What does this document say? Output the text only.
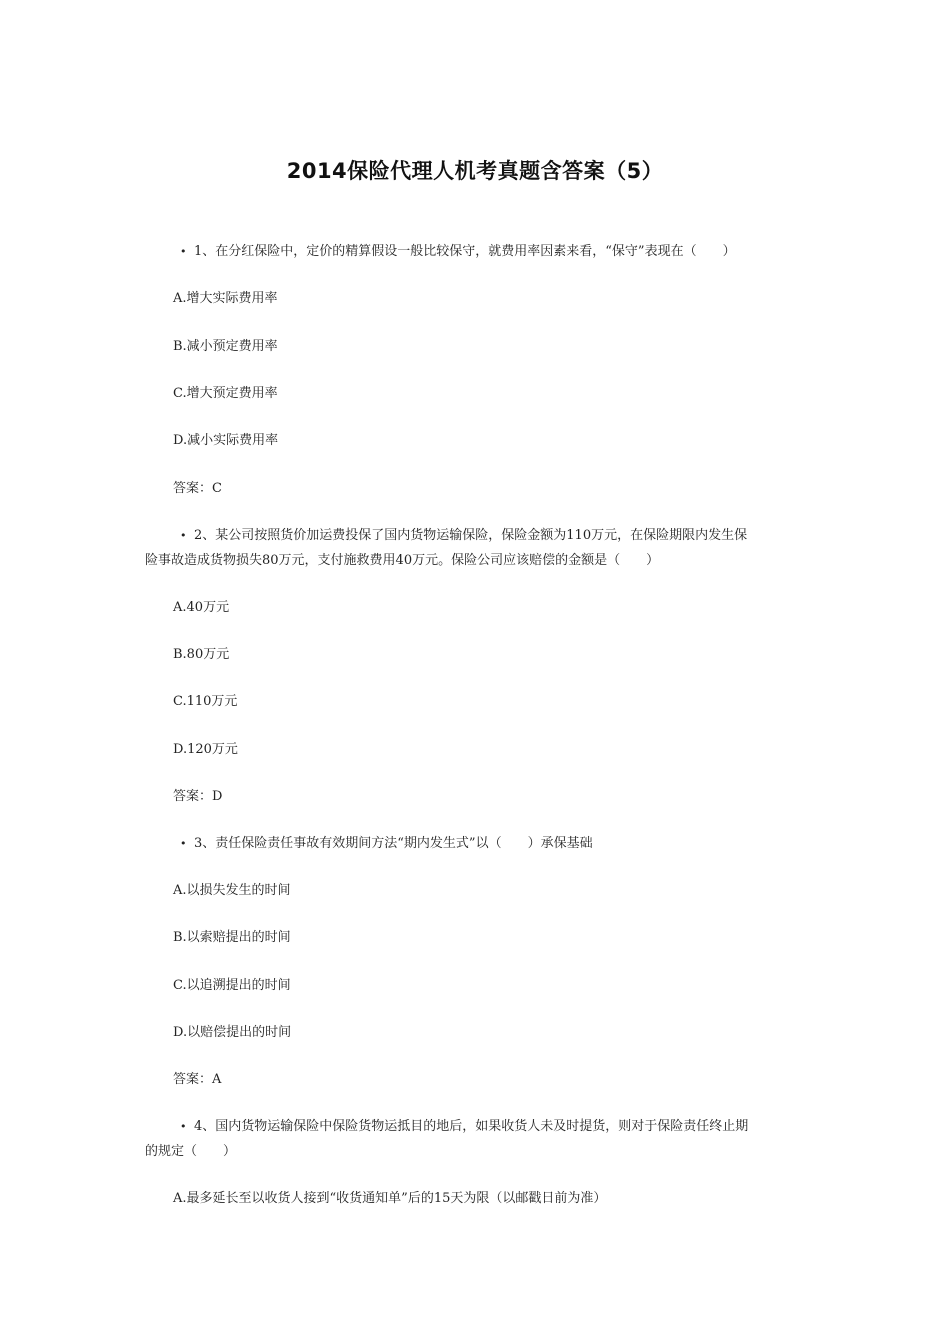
2014保险代理人机考真题含答案（5）
• 1、在分红保险中，定价的精算假设一般比较保守，就费用率因素来看，“保守”表现在（　　）
A.增大实际费用率
B.减小预定费用率
C.增大预定费用率
D.减小实际费用率
答案：C
• 2、某公司按照货价加运费投保了国内货物运输保险，保险金额为110万元，在保险期限内发生保
险事故造成货物损失80万元，支付施救费用40万元。保险公司应该赔偿的金额是（　　）
A.40万元
B.80万元
C.110万元
D.120万元
答案：D
• 3、责任保险责任事故有效期间方法“期内发生式”以（　　）承保基础
A.以损失发生的时间
B.以索赔提出的时间
C.以追溯提出的时间
D.以赔偿提出的时间
答案：A
• 4、国内货物运输保险中保险货物运抵目的地后，如果收货人未及时提货，则对于保险责任终止期
的规定（　　）
A.最多延长至以收货人接到“收货通知单”后的15天为限（以邮戳日前为准）
